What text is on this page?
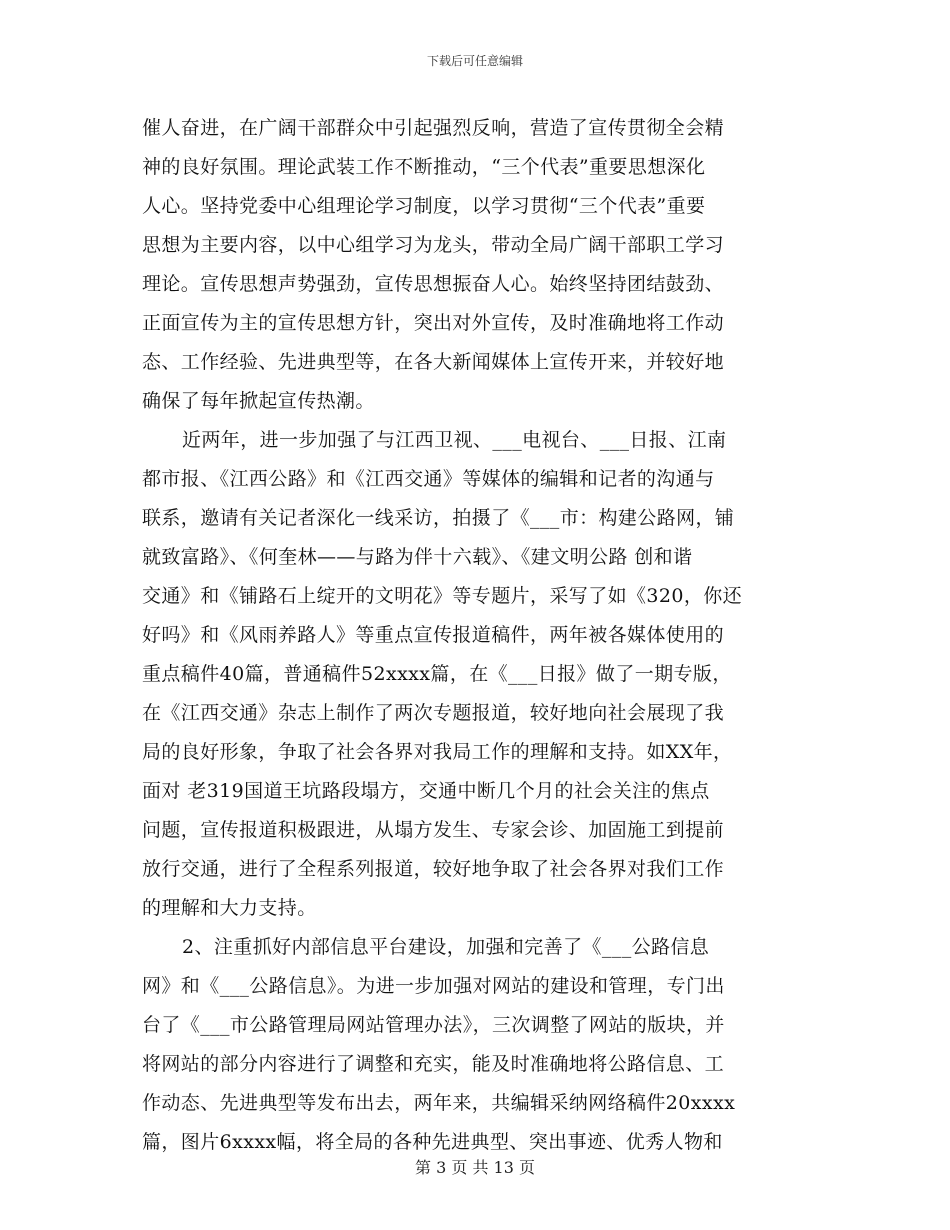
下载后可任意编辑
催人奋进，在广阔干部群众中引起强烈反响，营造了宣传贯彻全会精
神的良好氛围。理论武装工作不断推动，“三个代表”重要思想深化
人心。坚持党委中心组理论学习制度，以学习贯彻“三个代表”重要
思想为主要内容，以中心组学习为龙头，带动全局广阔干部职工学习
理论。宣传思想声势强劲，宣传思想振奋人心。始终坚持团结鼓劲、
正面宣传为主的宣传思想方针，突出对外宣传，及时准确地将工作动
态、工作经验、先进典型等，在各大新闻媒体上宣传开来，并较好地
确保了每年掀起宣传热潮。
近两年，进一步加强了与江西卫视、___电视台、___日报、江南
都市报、《江西公路》和《江西交通》等媒体的编辑和记者的沟通与
联系，邀请有关记者深化一线采访，拍摄了《___市：构建公路网，铺
就致富路》、《何奎林——与路为伴十六载》、《建文明公路 创和谐
交通》和《铺路石上绽开的文明花》等专题片，采写了如《320，你还
好吗》和《风雨养路人》等重点宣传报道稿件，两年被各媒体使用的
重点稿件40篇，普通稿件52xxxx篇，在《___日报》做了一期专版，
在《江西交通》杂志上制作了两次专题报道，较好地向社会展现了我
局的良好形象，争取了社会各界对我局工作的理解和支持。如XX年，
面对 老319国道王坑路段塌方，交通中断几个月的社会关注的焦点
问题，宣传报道积极跟进，从塌方发生、专家会诊、加固施工到提前
放行交通，进行了全程系列报道，较好地争取了社会各界对我们工作
的理解和大力支持。
2、注重抓好内部信息平台建设，加强和完善了《___公路信息
网》和《___公路信息》。为进一步加强对网站的建设和管理，专门出
台了《___市公路管理局网站管理办法》，三次调整了网站的版块，并
将网站的部分内容进行了调整和充实，能及时准确地将公路信息、工
作动态、先进典型等发布出去，两年来，共编辑采纳网络稿件20xxxx
篇，图片6xxxx幅，将全局的各种先进典型、突出事迹、优秀人物和
第 3 页 共 13 页
